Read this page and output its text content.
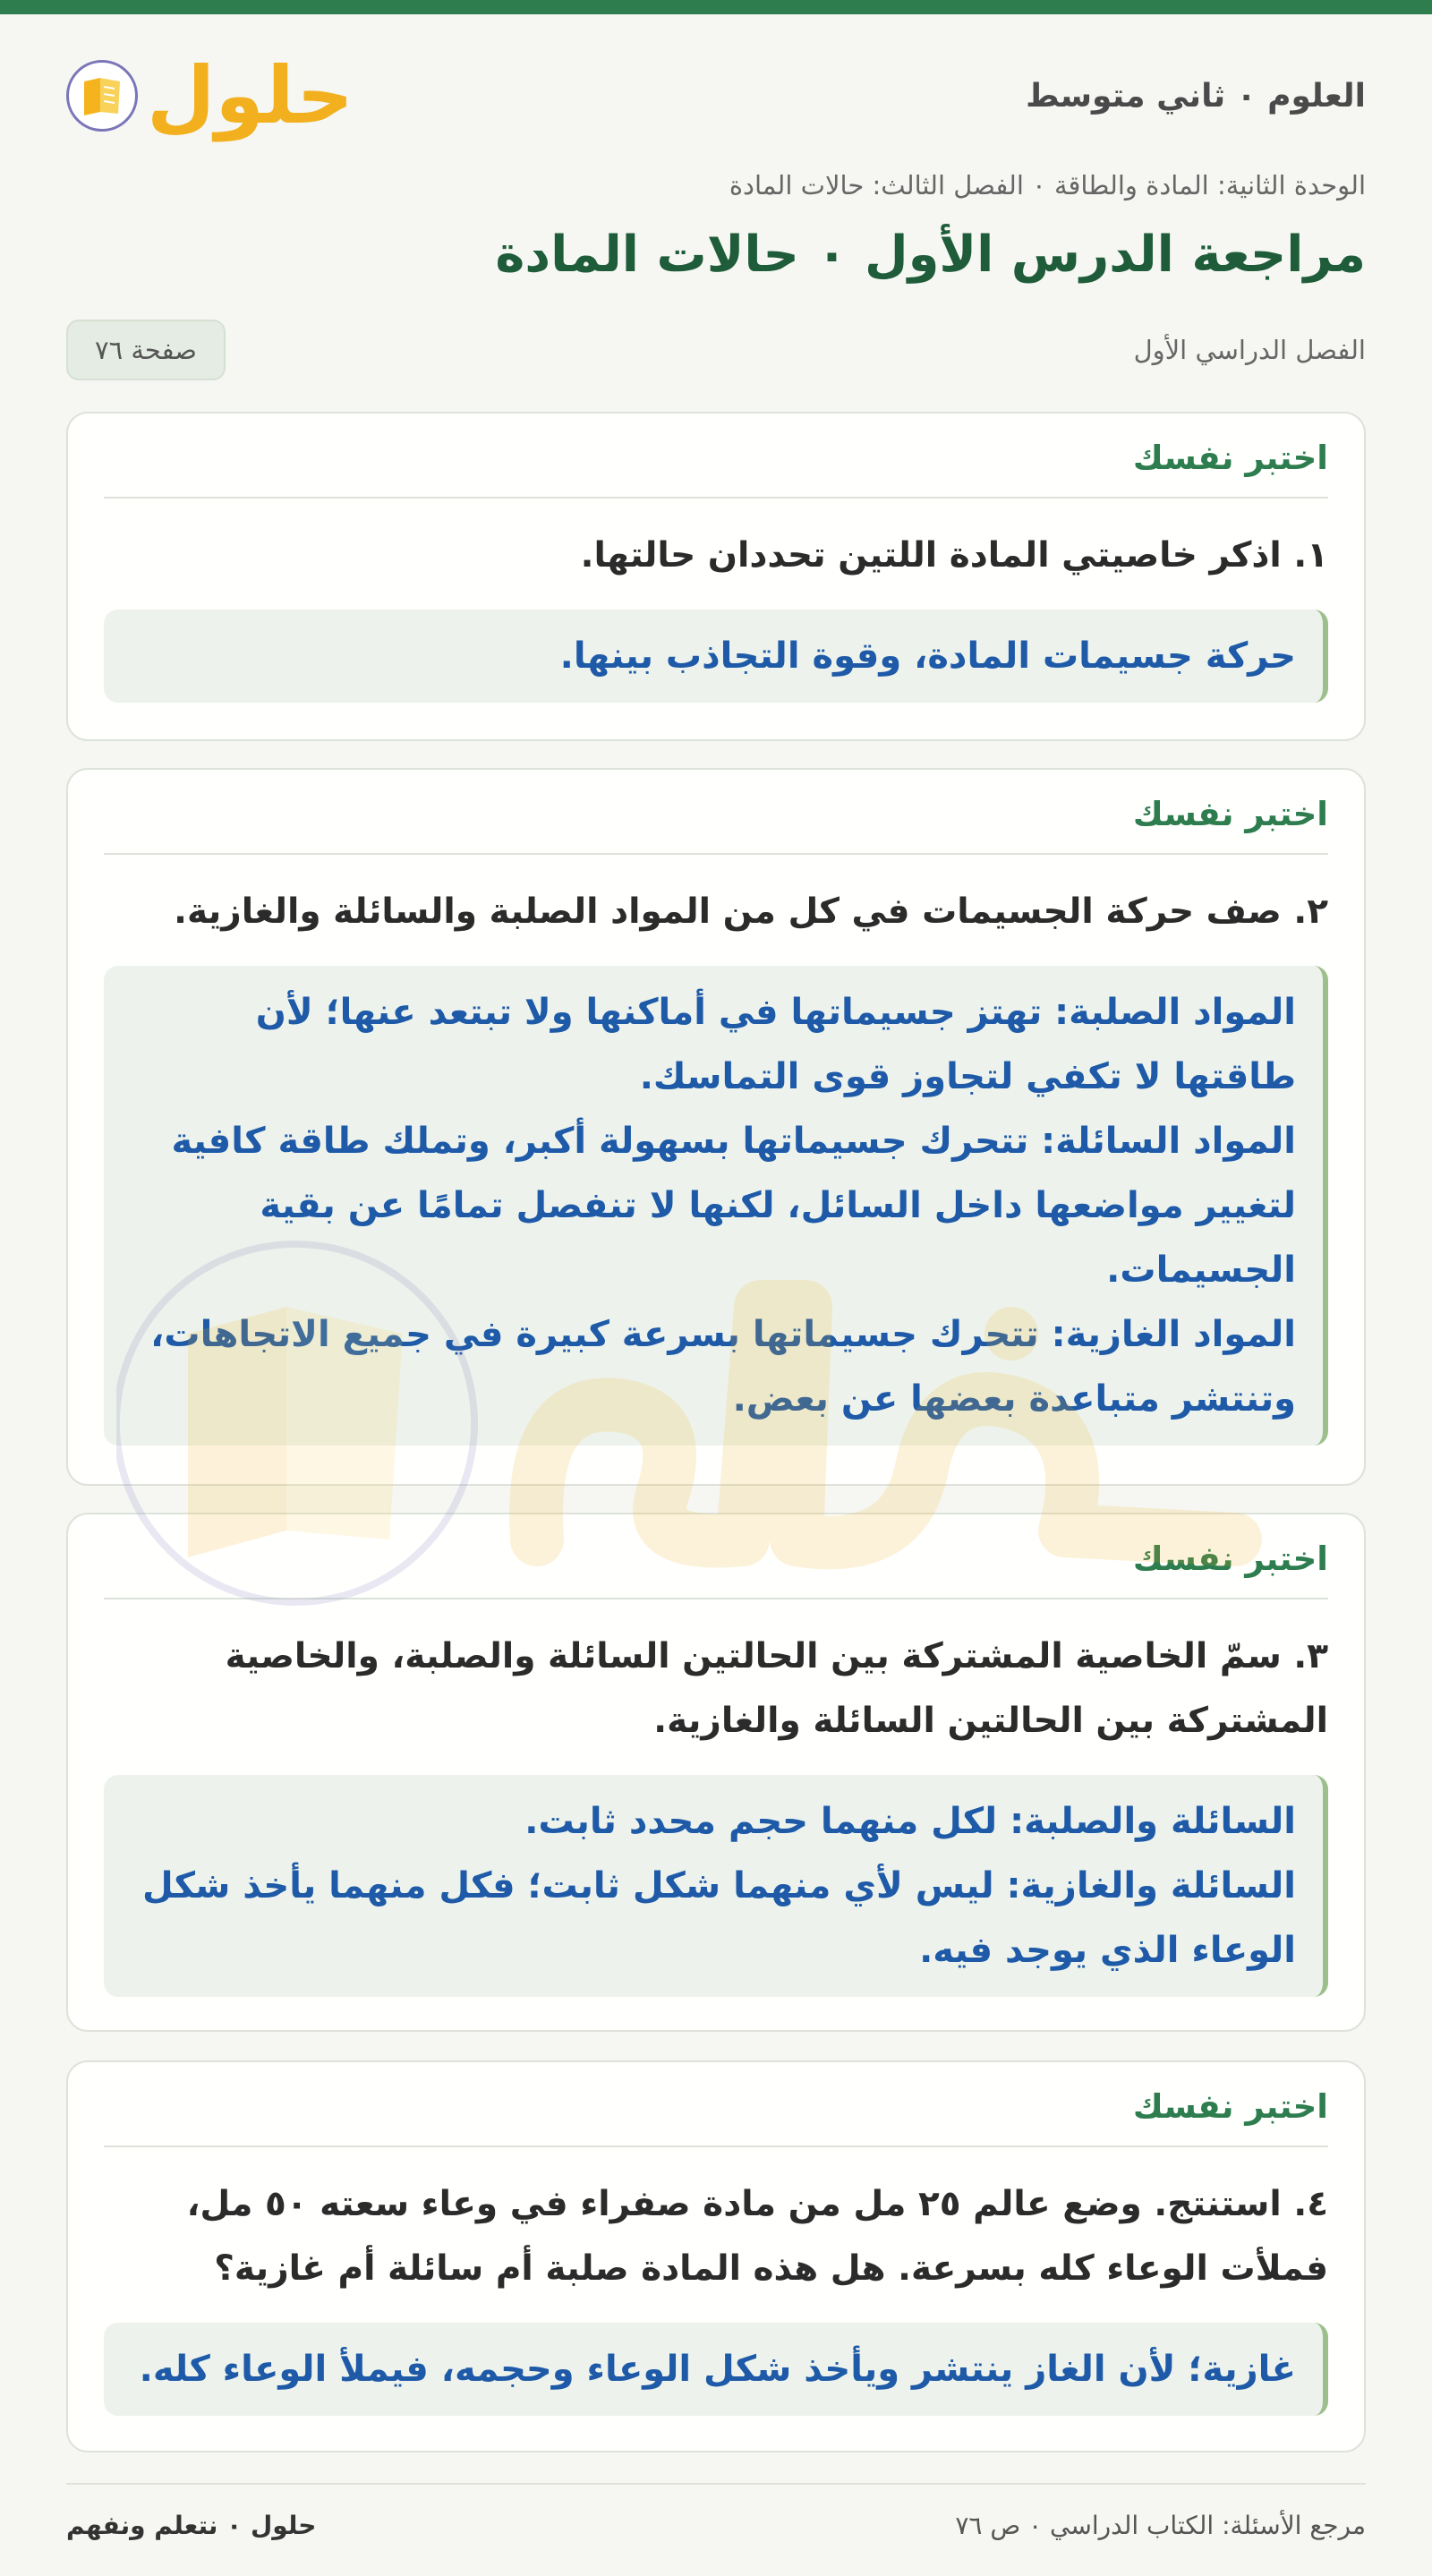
العلوم ٠ ثاني متوسط
حلول
الوحدة الثانية: المادة والطاقة ٠ الفصل الثالث: حالات المادة
مراجعة الدرس الأول ٠ حالات المادة
الفصل الدراسي الأول
صفحة ٧٦
اختبر نفسك
١. اذكر خاصيتي المادة اللتين تحددان حالتها.
حركة جسيمات المادة، وقوة التجاذب بينها.
اختبر نفسك
٢. صف حركة الجسيمات في كل من المواد الصلبة والسائلة والغازية.
المواد الصلبة: تهتز جسيماتها في أماكنها ولا تبتعد عنها؛ لأن طاقتها لا تكفي لتجاوز قوى التماسك.
المواد السائلة: تتحرك جسيماتها بسهولة أكبر، وتملك طاقة كافية لتغيير مواضعها داخل السائل، لكنها لا تنفصل تمامًا عن بقية الجسيمات.
المواد الغازية: تتحرك جسيماتها بسرعة كبيرة في جميع الاتجاهات، وتنتشر متباعدة بعضها عن بعض.
اختبر نفسك
٣. سمّ الخاصية المشتركة بين الحالتين السائلة والصلبة، والخاصية المشتركة بين الحالتين السائلة والغازية.
السائلة والصلبة: لكل منهما حجم محدد ثابت.
السائلة والغازية: ليس لأي منهما شكل ثابت؛ فكل منهما يأخذ شكل الوعاء الذي يوجد فيه.
اختبر نفسك
٤. استنتج. وضع عالم ٢٥ مل من مادة صفراء في وعاء سعته ٥٠ مل، فملأت الوعاء كله بسرعة. هل هذه المادة صلبة أم سائلة أم غازية؟
غازية؛ لأن الغاز ينتشر ويأخذ شكل الوعاء وحجمه، فيملأ الوعاء كله.
مرجع الأسئلة: الكتاب الدراسي ٠ ص ٧٦
حلول ٠ نتعلم ونفهم
